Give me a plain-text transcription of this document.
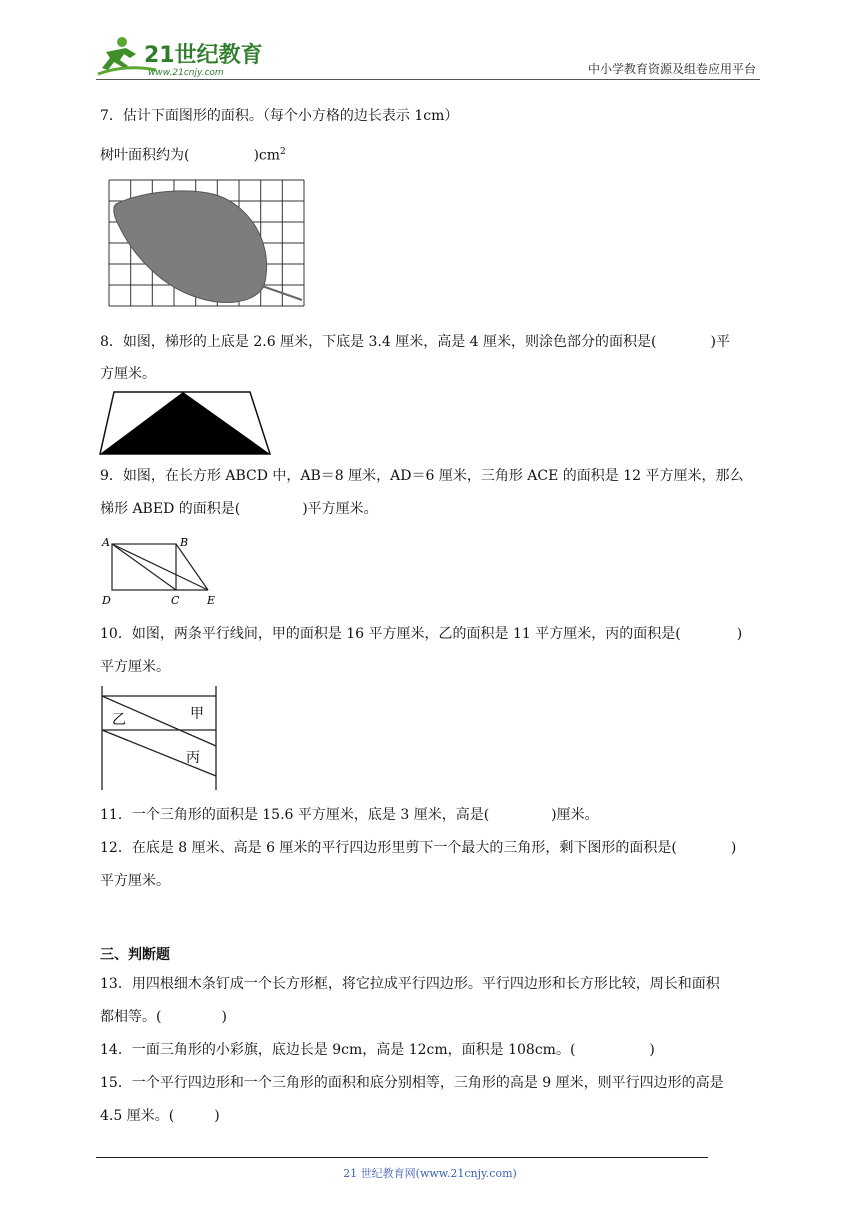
21世纪教育
www.21cnjy.com	中小学教育资源及组卷应用平台
7．估计下面图形的面积。（每个小方格的边长表示 1cm）
树叶面积约为(	)$cm^2$
8．如图，梯形的上底是 2.6 厘米，下底是 3.4 厘米，高是 4 厘米，则涂色部分的面积是(	)平
方厘米。
9．如图，在长方形 ABCD 中，AB＝8 厘米，AD＝6 厘米，三角形 ACE 的面积是 12 平方厘米，那么
梯形 ABED 的面积是(	)平方厘米。
A	B
C
D	E
10．如图，两条平行线间，甲的面积是 16 平方厘米，乙的面积是 11 平方厘米，丙的面积是(	)
平方厘米。
甲
乙
丙
11．一个三角形的面积是 15.6 平方厘米，底是 3 厘米，高是(	)厘米。
12．在底是 8 厘米、高是 6 厘米的平行四边形里剪下一个最大的三角形，剩下图形的面积是(	)
平方厘米。
三、判断题
13．用四根细木条钉成一个长方形框，将它拉成平行四边形。平行四边形和长方形比较，周长和面积
都相等。(	)
14．一面三角形的小彩旗，底边长是 9cm，高是 12cm，面积是 108cm。(	)
15．一个平行四边形和一个三角形的面积和底分别相等，三角形的高是 9 厘米，则平行四边形的高是
4.5 厘米。(	)
21 世纪教育网(www.21cnjy.com)
